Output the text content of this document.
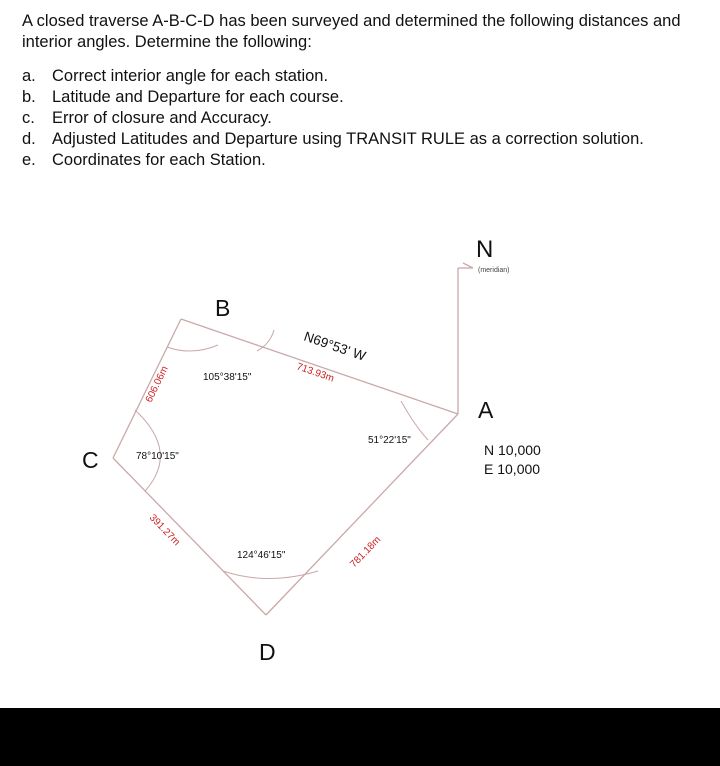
A closed traverse A-B-C-D has been surveyed and determined the following distances and interior angles. Determine the following:

a. Correct interior angle for each station.
b. Latitude and Departure for each course.
c.	Error of closure and Accuracy.
d. Adjusted Latitudes and Departure using TRANSIT RULE as a correction solution.
e. Coordinates for each Station.
N
(meridian)
B
C
D
A
105°38'15"
78°10'15"
124°46'15"
51°22'15"
N69°53' W
713.93m
606.06m
391.27m
781.18m
N 10,000
E 10,000
